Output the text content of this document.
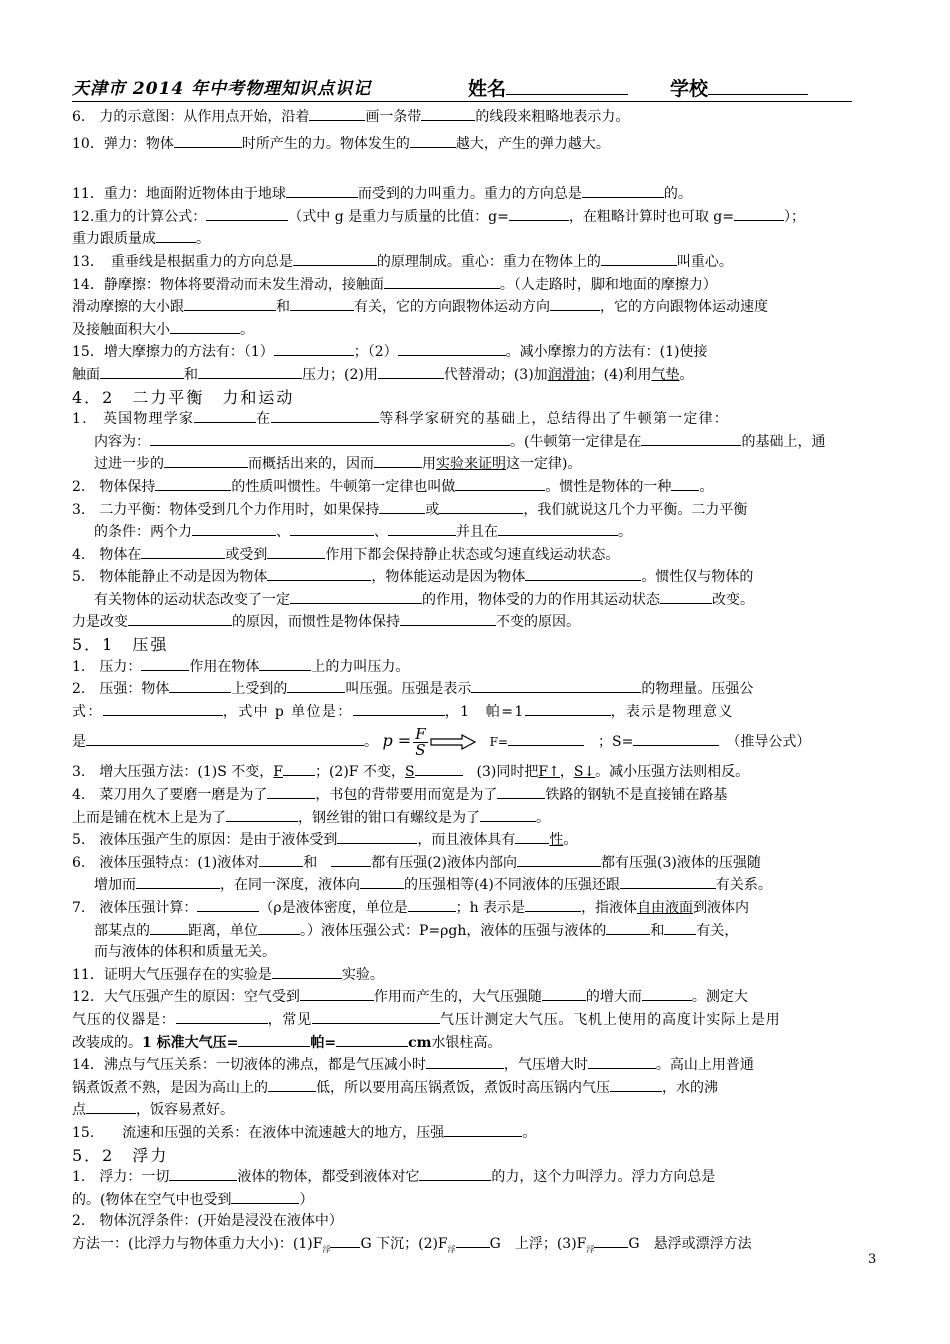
天津市 2014 年中考物理知识点识记	姓名	学校

6.　力的示意图：从作用点开始，沿着	画一条带	的线段来粗略地表示力。

10．弹力：物体	时所产生的力。物体发生的	越大，产生的弹力越大。

11．重力：地面附近物体由于地球	而受到的力叫重力。重力的方向总是	的。

12.重力的计算公式：	（式中 g 是重力与质量的比值：g=	，在粗略计算时也可取 g=	）；

重力跟质量成	。

13．　重垂线是根据重力的方向总是	的原理制成。重心：重力在物体上的	叫重心。

14．静摩擦：物体将要滑动而未发生滑动，接触面	。（人走路时，脚和地面的摩擦力）

滑动摩擦的大小跟	和	有关，它的方向跟物体运动方向	，它的方向跟物体运动速度

及接触面积大小	。

15．增大摩擦力的方法有：（1）	；（2）	。减小摩擦力的方法有：(1)使接

触面	和	压力；(2)用	代替滑动；(3)加润滑油；(4)利用气垫。

4．2　二力平衡　力和运动

1.　英国物理学家	在	等科学家研究的基础上，总结得出了牛顿第一定律：

内容为：	。(牛顿第一定律是在	的基础上，通

过进一步的	而概括出来的，因而	用实验来证明这一定律)。

2.　物体保持	的性质叫惯性。牛顿第一定律也叫做	。惯性是物体的一种 。

3.　二力平衡：物体受到几个力作用时，如果保持	或	，我们就说这几个力平衡。二力平衡

的条件：两个力	、	、	并且在	。

4.　物体在	或受到	作用下都会保持静止状态或匀速直线运动状态。

5.　物体能静止不动是因为物体	，物体能运动是因为物体	。惯性仅与物体的

有关物体的运动状态改变了一定	的作用，物体受的力的作用其运动状态	改变。

力是改变	的原因，而惯性是物体保持	不变的原因。

5．1　压强

1.　压力：	作用在物体	上的力叫压力。

2.　压强：物体	上受到的	叫压强。压强是表示	的物理量。压强公

式：	，式中 p 单位是：	，1　帕=1	，表示是物理意义

是	。 $p = \frac{F}{S}$
　	F=　	；S=　	（推导公式）

3.　增大压强方法：(1)S 不变，F ；(2)F 不变，S　	(3)同时把F↑，S↓。减小压强方法则相反。

4.　菜刀用久了要磨一磨是为了	，书包的背带要用而宽是为了	铁路的钢轨不是直接铺在路基

上而是铺在枕木上是为了	，钢丝钳的钳口有螺纹是为了	。

5.　液体压强产生的原因：是由于液体受到	，而且液体具有 性。

6.　液体压强特点：(1)液体对	和　	都有压强(2)液体内部向	都有压强(3)液体的压强随

增加而	，在同一深度，液体向	的压强相等(4)不同液体的压强还跟	有关系。

7.　液体压强计算：	（ρ是液体密度，单位是	；h 表示是	，指液体自由液面到液体内

部某点的	距离，单位	。）液体压强公式：P=ρgh，液体的压强与液体的	和 有关，

而与液体的体积和质量无关。

11．证明大气压强存在的实验是	实验。

12．大气压强产生的原因：空气受到	作用而产生的，大气压强随	的增大而	。测定大

气压的仪器是：	，常见	气压计测定大气压。飞机上使用的高度计实际上是用

改装成的。1 标准大气压=	帕=	cm水银柱高。

14．沸点与气压关系：一切液体的沸点，都是气压减小时	，气压增大时	。高山上用普通

锅煮饭煮不熟，是因为高山上的	低，所以要用高压锅煮饭，煮饭时高压锅内气压	，水的沸

点	，饭容易煮好。

15.　　流速和压强的关系：在液体中流速越大的地方，压强	。

5．2　浮力

1.　浮力：一切	液体的物体，都受到液体对它	的力，这个力叫浮力。浮力方向总是

的。(物体在空气中也受到	）

2.　物体沉浮条件：(开始是浸没在液体中）

方法一：(比浮力与物体重力大小)：$(1)F_浮$ G 下沉；$(2)F_浮$ G　上浮；$(3)F_浮$ G　悬浮或漂浮方法

3
